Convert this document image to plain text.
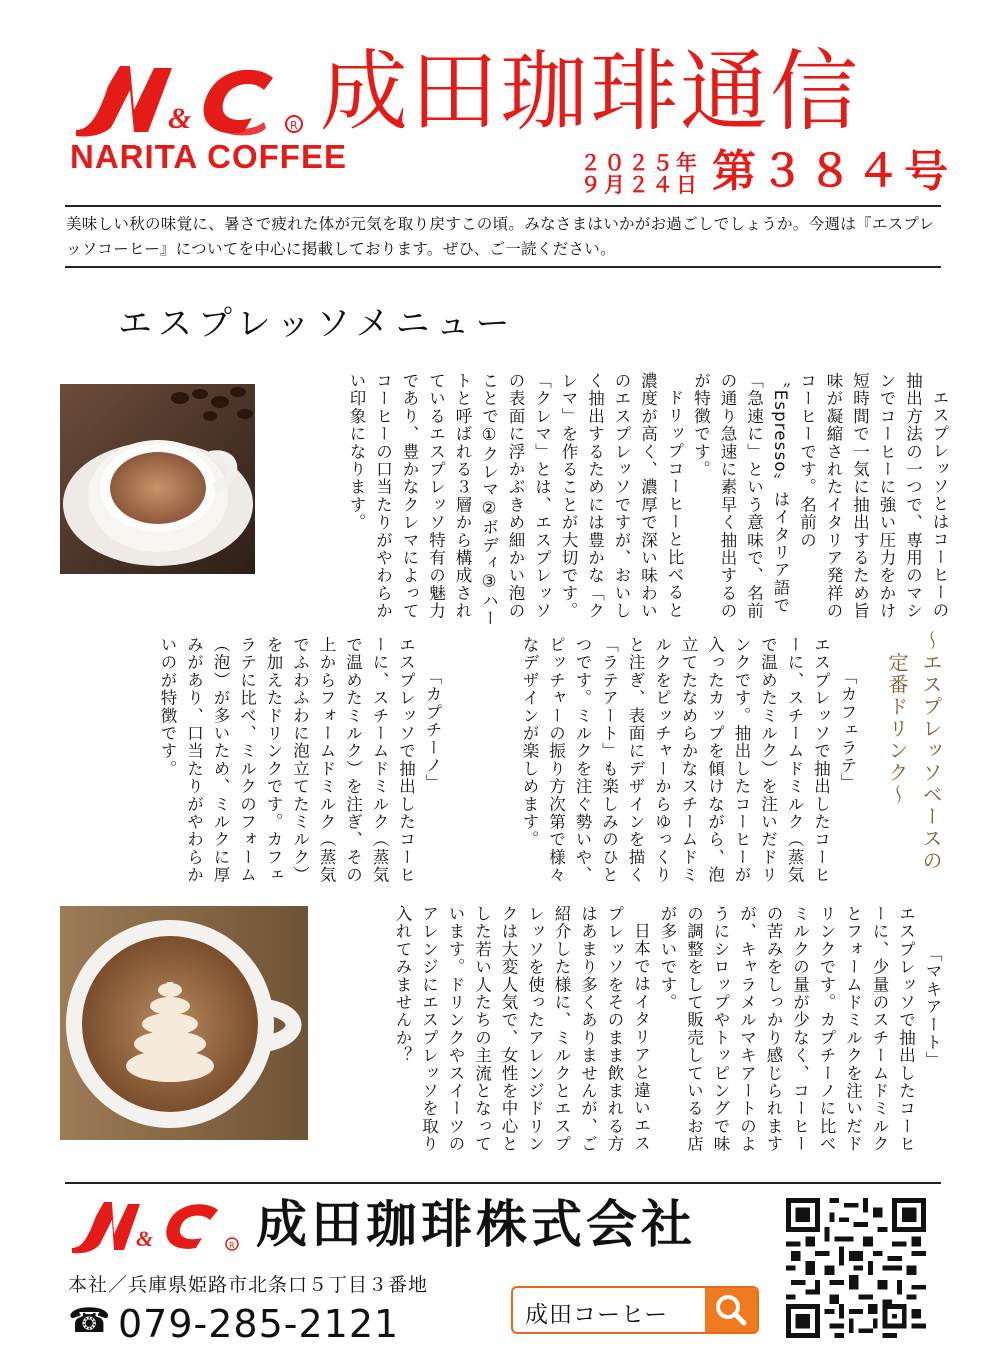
&	R
NARITA COFFEE
成田珈琲通信
２０２５年
９月２４日 第３８４号
美味しい秋の味覚に、暑さで疲れた体が元気を取り戻すこの頃。みなさまはいかがお過ごしでしょうか。今週は『エスプレッソコーヒー』についてを中心に掲載しております。ぜひ、ご一読ください。
エスプレッソメニュー

エスプレッソとはコーヒーの抽出方法の一つで、専用のマシンでコーヒーに強い圧力をかけ短時間で一気に抽出するため旨味が凝縮されたイタリア発祥のコーヒーです。名前の〝Espresso〟はイタリア語で「急速に」という意味で、名前の通り急速に素早く抽出するのが特徴です。

ドリップコーヒーと比べると濃度が高く、濃厚で深い味わいのエスプレッソですが、おいしく抽出するためには豊かな「クレマ」を作ることが大切です。「クレマ」とは、エスプレッソの表面に浮かぶきめ細かい泡のことで①クレマ②ボディ③ハートと呼ばれる３層から構成されているエスプレッソ特有の魅力であり、豊かなクレマによってコーヒーの口当たりがやわらかい印象になります。

〜エスプレッソベースの

定番ドリンク〜

「カフェラテ」

エスプレッソで抽出したコーヒーに、スチームドミルク（蒸気で温めたミルク）を注いだドリンクです。抽出したコーヒーが入ったカップを傾けながら、泡立てたなめらかなスチームドミルクをピッチャーからゆっくりと注ぎ、表面にデザインを描く「ラテアート」も楽しみのひとつです。ミルクを注ぐ勢いや、ピッチャーの振り方次第で様々なデザインが楽しめます。

「カプチーノ」

エスプレッソで抽出したコーヒーに、スチームドミルク（蒸気で温めたミルク）を注ぎ、その上からフォームドミルク（蒸気でふわふわに泡立てたミルク）を加えたドリンクです。カフェラテに比べ、ミルクのフォーム（泡）が多いため、ミルクに厚みがあり、口当たりがやわらかいのが特徴です。

「マキアート」

エスプレッソで抽出したコーヒーに、少量のスチームドミルクとフォームドミルクを注いだドリンクです。カプチーノに比べミルクの量が少なく、コーヒーの苦みをしっかり感じられますが、キャラメルマキアートのようにシロップやトッピングで味の調整をして販売しているお店が多いです。

日本ではイタリアと違いエスプレッソをそのまま飲まれる方はあまり多くありませんが、ご紹介した様に、ミルクとエスプレッソを使ったアレンジドリンクは大変人気で、女性を中心とした若い人たちの主流となっています。ドリンクやスイーツのアレンジにエスプレッソを取り入れてみませんか？

&	R 成田珈琲株式会社
本社／兵庫県姫路市北条口５丁目３番地
☎ 079-285-2121	成田コーヒー
